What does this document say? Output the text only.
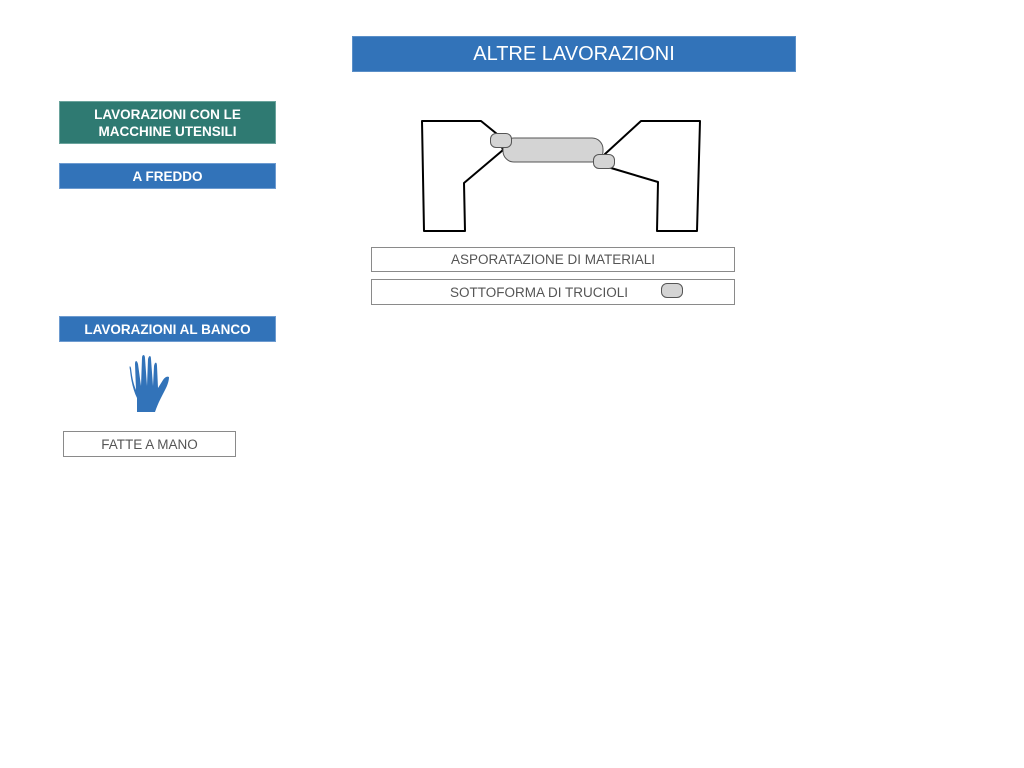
ALTRE LAVORAZIONI
LAVORAZIONI CON LE MACCHINE UTENSILI
A FREDDO
LAVORAZIONI AL BANCO
ASPORATAZIONE DI MATERIALI
SOTTOFORMA DI TRUCIOLI
FATTE A MANO
